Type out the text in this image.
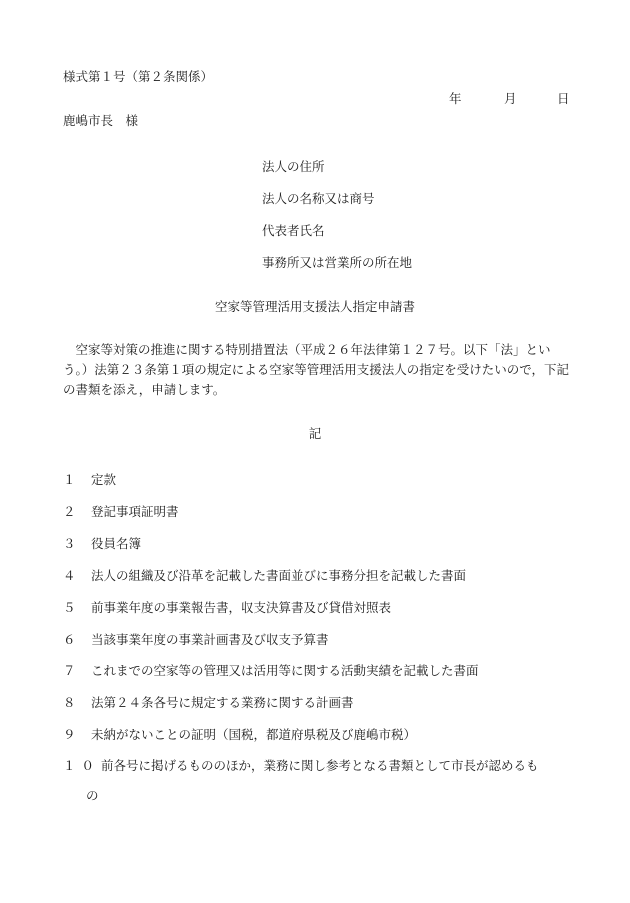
様式第１号（第２条関係）
年	月	日
鹿嶋市長　様
法人の住所
法人の名称又は商号
代表者氏名
事務所又は営業所の所在地
空家等管理活用支援法人指定申請書
空家等対策の推進に関する特別措置法（平成２６年法律第１２７号。以下「法」という。）法第２３条第１項の規定による空家等管理活用支援法人の指定を受けたいので，下記の書類を添え，申請します。
記
１ 定款
２ 登記事項証明書
３ 役員名簿
４ 法人の組織及び沿革を記載した書面並びに事務分担を記載した書面
５ 前事業年度の事業報告書，収支決算書及び貸借対照表
６ 当該事業年度の事業計画書及び収支予算書
７ これまでの空家等の管理又は活用等に関する活動実績を記載した書面
８ 法第２４条各号に規定する業務に関する計画書
９ 未納がないことの証明（国税，都道府県税及び鹿嶋市税）
１０前各号に掲げるもののほか，業務に関し参考となる書類として市長が認めるも
の
